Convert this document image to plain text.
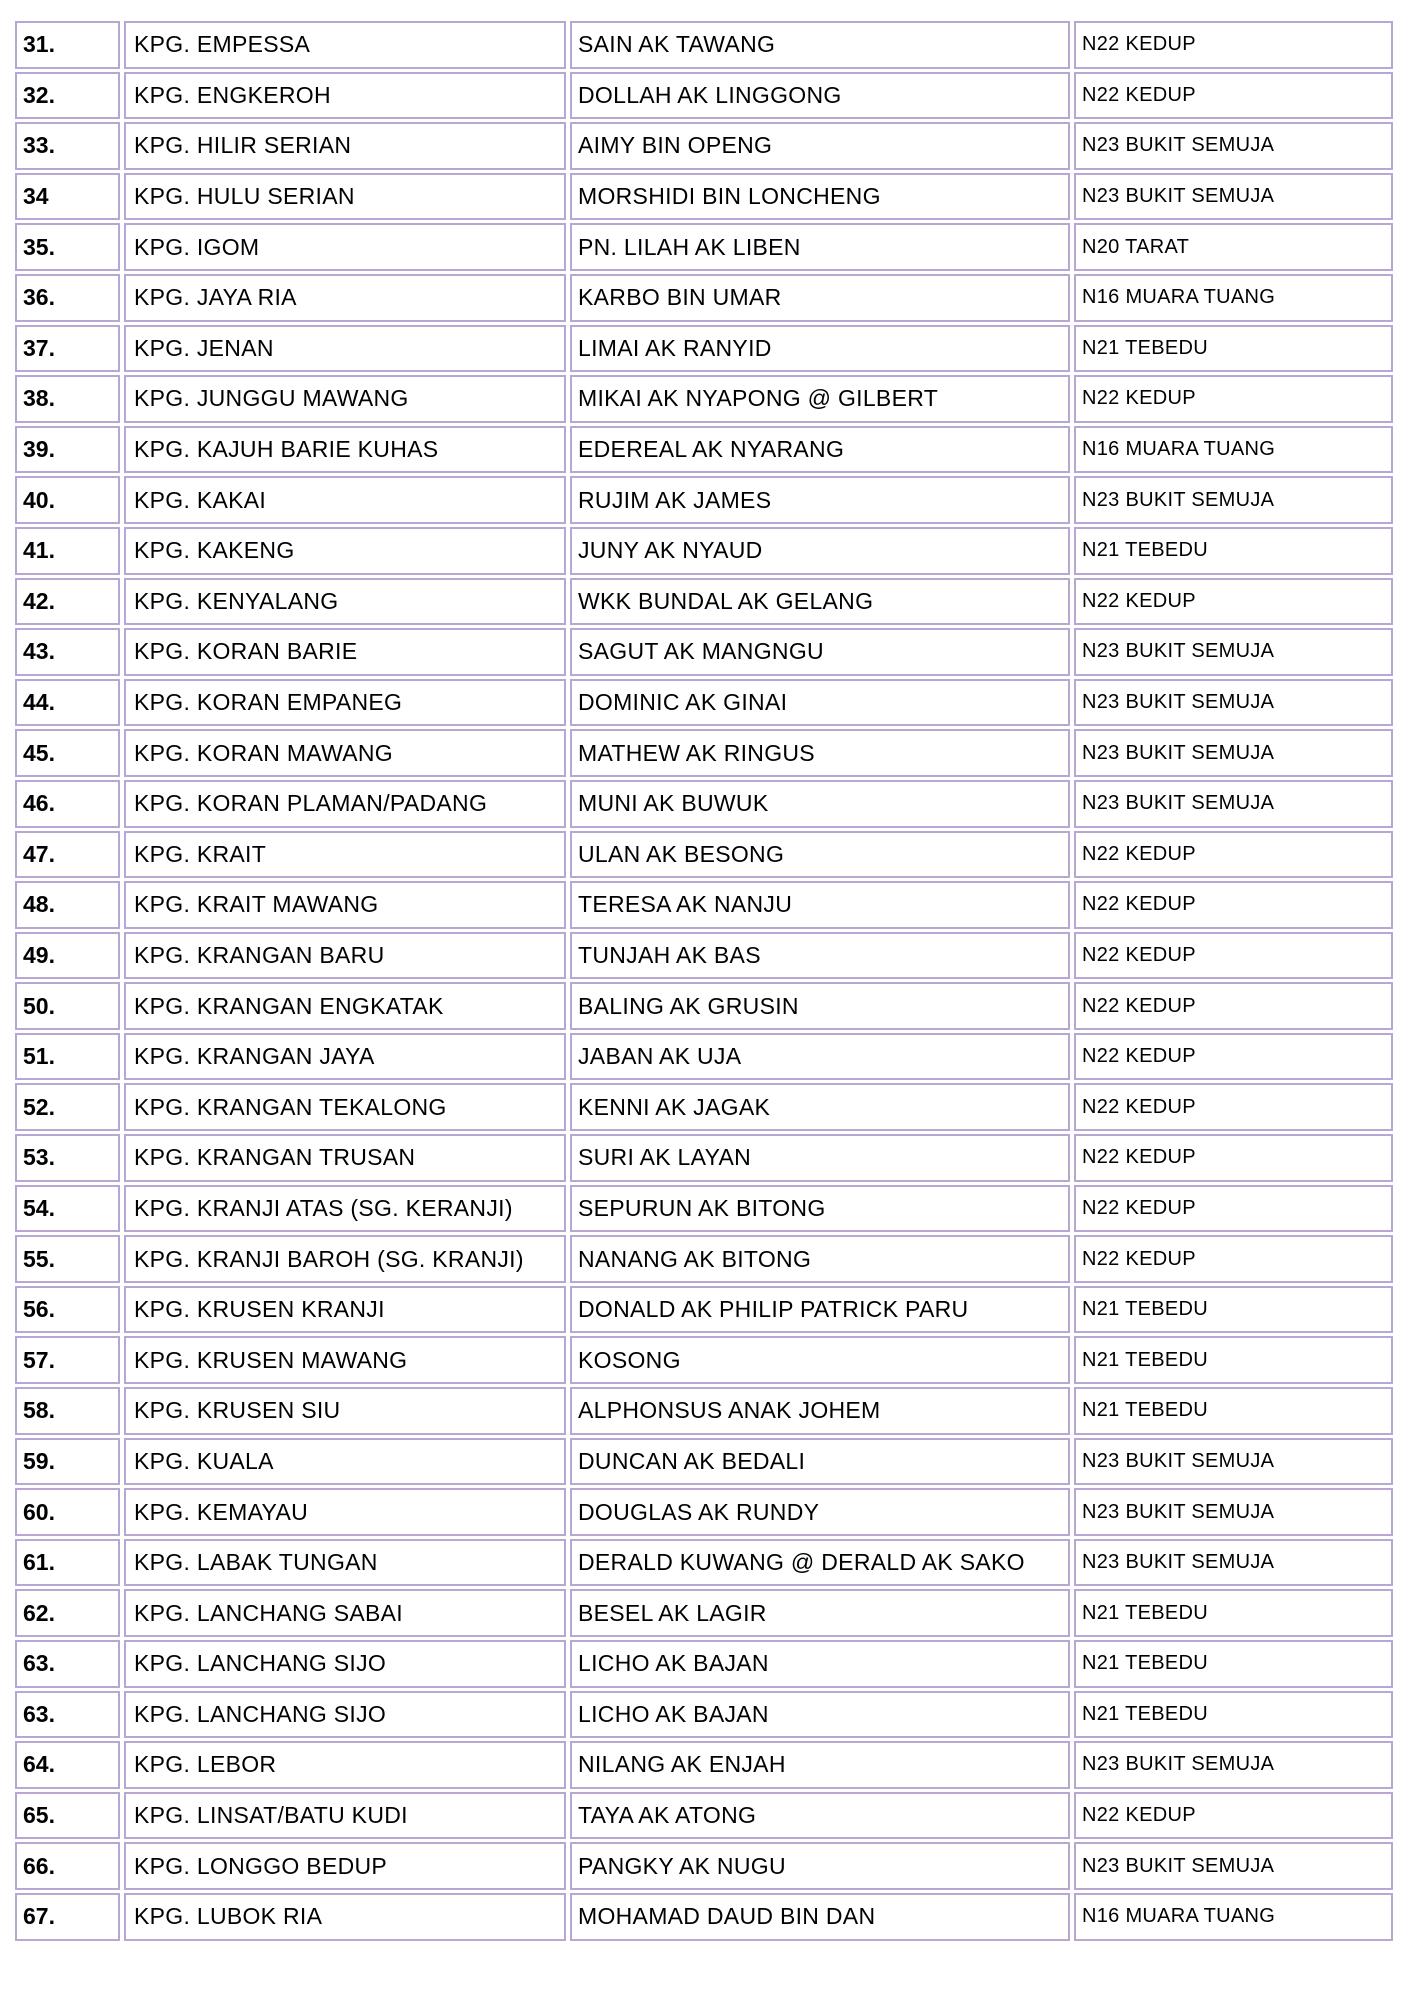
31.	KPG. EMPESSA	SAIN AK TAWANG	N22 KEDUP
32.	KPG. ENGKEROH	DOLLAH AK LINGGONG	N22 KEDUP
33.	KPG. HILIR SERIAN	AIMY BIN OPENG	N23 BUKIT SEMUJA
34	KPG. HULU SERIAN	MORSHIDI BIN LONCHENG	N23 BUKIT SEMUJA
35.	KPG. IGOM	PN. LILAH AK LIBEN	N20 TARAT
36.	KPG. JAYA RIA	KARBO BIN UMAR	N16 MUARA TUANG
37.	KPG. JENAN	LIMAI AK RANYID	N21 TEBEDU
38.	KPG. JUNGGU MAWANG	MIKAI AK NYAPONG @ GILBERT	N22 KEDUP
39.	KPG. KAJUH BARIE KUHAS	EDEREAL AK NYARANG	N16 MUARA TUANG
40.	KPG. KAKAI	RUJIM AK JAMES	N23 BUKIT SEMUJA
41.	KPG. KAKENG	JUNY AK NYAUD	N21 TEBEDU
42.	KPG. KENYALANG	WKK BUNDAL AK GELANG	N22 KEDUP
43.	KPG. KORAN BARIE	SAGUT AK MANGNGU	N23 BUKIT SEMUJA
44.	KPG. KORAN EMPANEG	DOMINIC AK GINAI	N23 BUKIT SEMUJA
45.	KPG. KORAN MAWANG	MATHEW AK RINGUS	N23 BUKIT SEMUJA
46.	KPG. KORAN PLAMAN/PADANG	MUNI AK BUWUK	N23 BUKIT SEMUJA
47.	KPG. KRAIT	ULAN AK BESONG	N22 KEDUP
48.	KPG. KRAIT MAWANG	TERESA AK NANJU	N22 KEDUP
49.	KPG. KRANGAN BARU	TUNJAH AK BAS	N22 KEDUP
50.	KPG. KRANGAN ENGKATAK	BALING AK GRUSIN	N22 KEDUP
51.	KPG. KRANGAN JAYA	JABAN AK UJA	N22 KEDUP
52.	KPG. KRANGAN TEKALONG	KENNI AK JAGAK	N22 KEDUP
53.	KPG. KRANGAN TRUSAN	SURI AK LAYAN	N22 KEDUP
54.	KPG. KRANJI ATAS (SG. KERANJI)	SEPURUN AK BITONG	N22 KEDUP
55.	KPG. KRANJI BAROH (SG. KRANJI)	NANANG AK BITONG	N22 KEDUP
56.	KPG. KRUSEN KRANJI	DONALD AK PHILIP PATRICK PARU	N21 TEBEDU
57.	KPG. KRUSEN MAWANG	KOSONG	N21 TEBEDU
58.	KPG. KRUSEN SIU	ALPHONSUS ANAK JOHEM	N21 TEBEDU
59.	KPG. KUALA	DUNCAN AK BEDALI	N23 BUKIT SEMUJA
60.	KPG. KEMAYAU	DOUGLAS AK RUNDY	N23 BUKIT SEMUJA
61.	KPG. LABAK TUNGAN	DERALD KUWANG @ DERALD AK SAKO	N23 BUKIT SEMUJA
62.	KPG. LANCHANG SABAI	BESEL AK LAGIR	N21 TEBEDU
63.	KPG. LANCHANG SIJO	LICHO AK BAJAN	N21 TEBEDU
63.	KPG. LANCHANG SIJO	LICHO AK BAJAN	N21 TEBEDU
64.	KPG. LEBOR	NILANG AK ENJAH	N23 BUKIT SEMUJA
65.	KPG. LINSAT/BATU KUDI	TAYA AK ATONG	N22 KEDUP
66.	KPG. LONGGO BEDUP	PANGKY AK NUGU	N23 BUKIT SEMUJA
67.	KPG. LUBOK RIA	MOHAMAD DAUD BIN DAN	N16 MUARA TUANG
